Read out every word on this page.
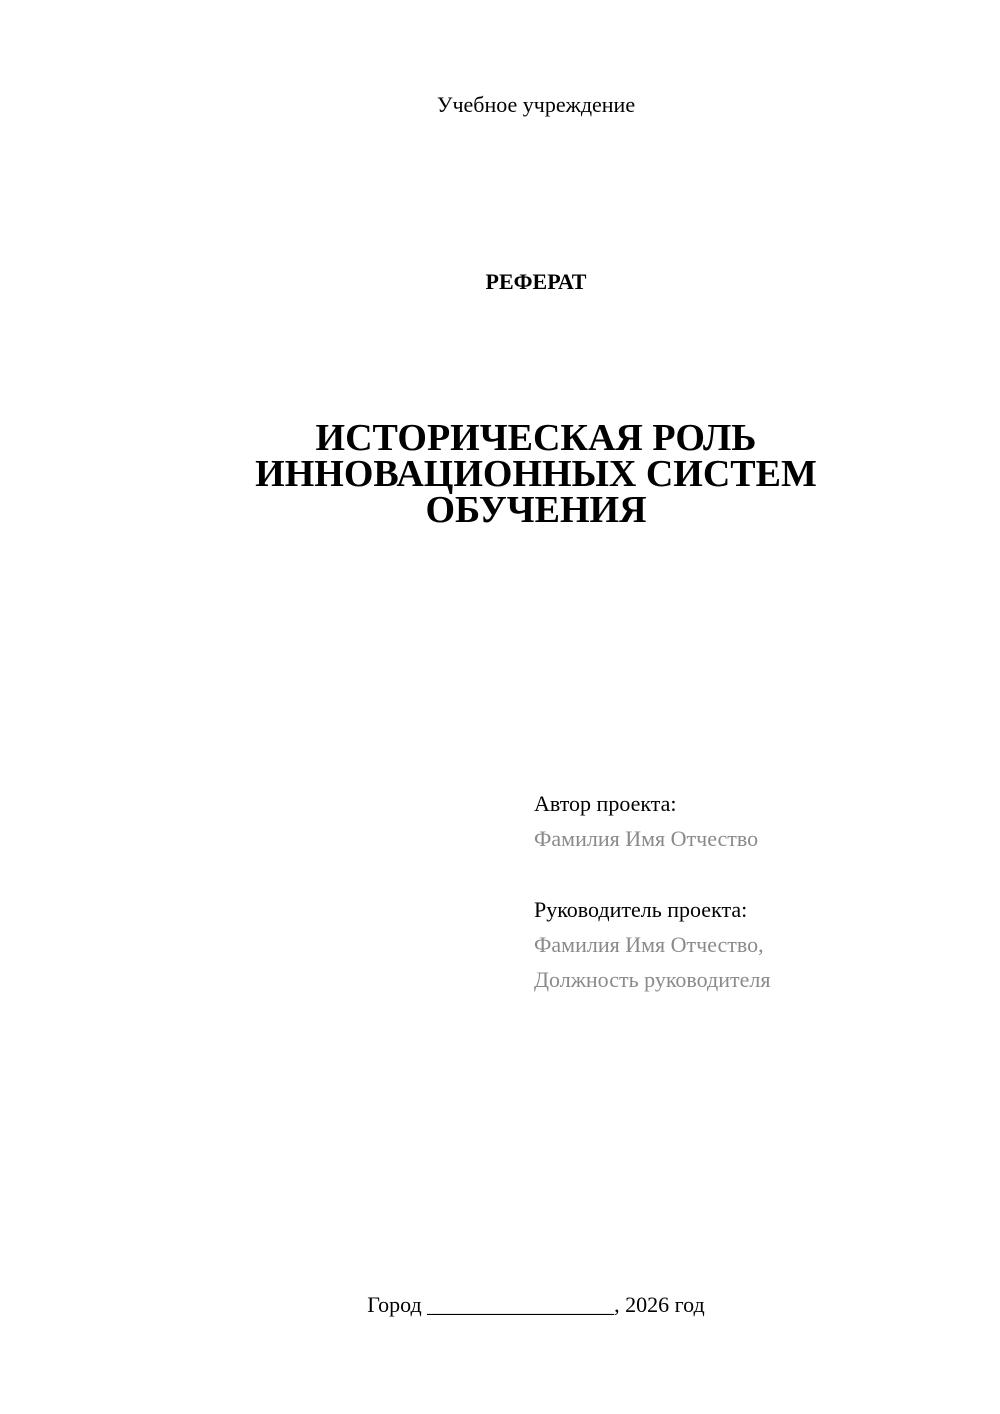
Учебное учреждение
РЕФЕРАТ
ИСТОРИЧЕСКАЯ РОЛЬ
ИННОВАЦИОННЫХ СИСТЕМ
ОБУЧЕНИЯ
Автор проекта:
Фамилия Имя Отчество
Руководитель проекта:
Фамилия Имя Отчество,
Должность руководителя
Город _________________, 2026 год
